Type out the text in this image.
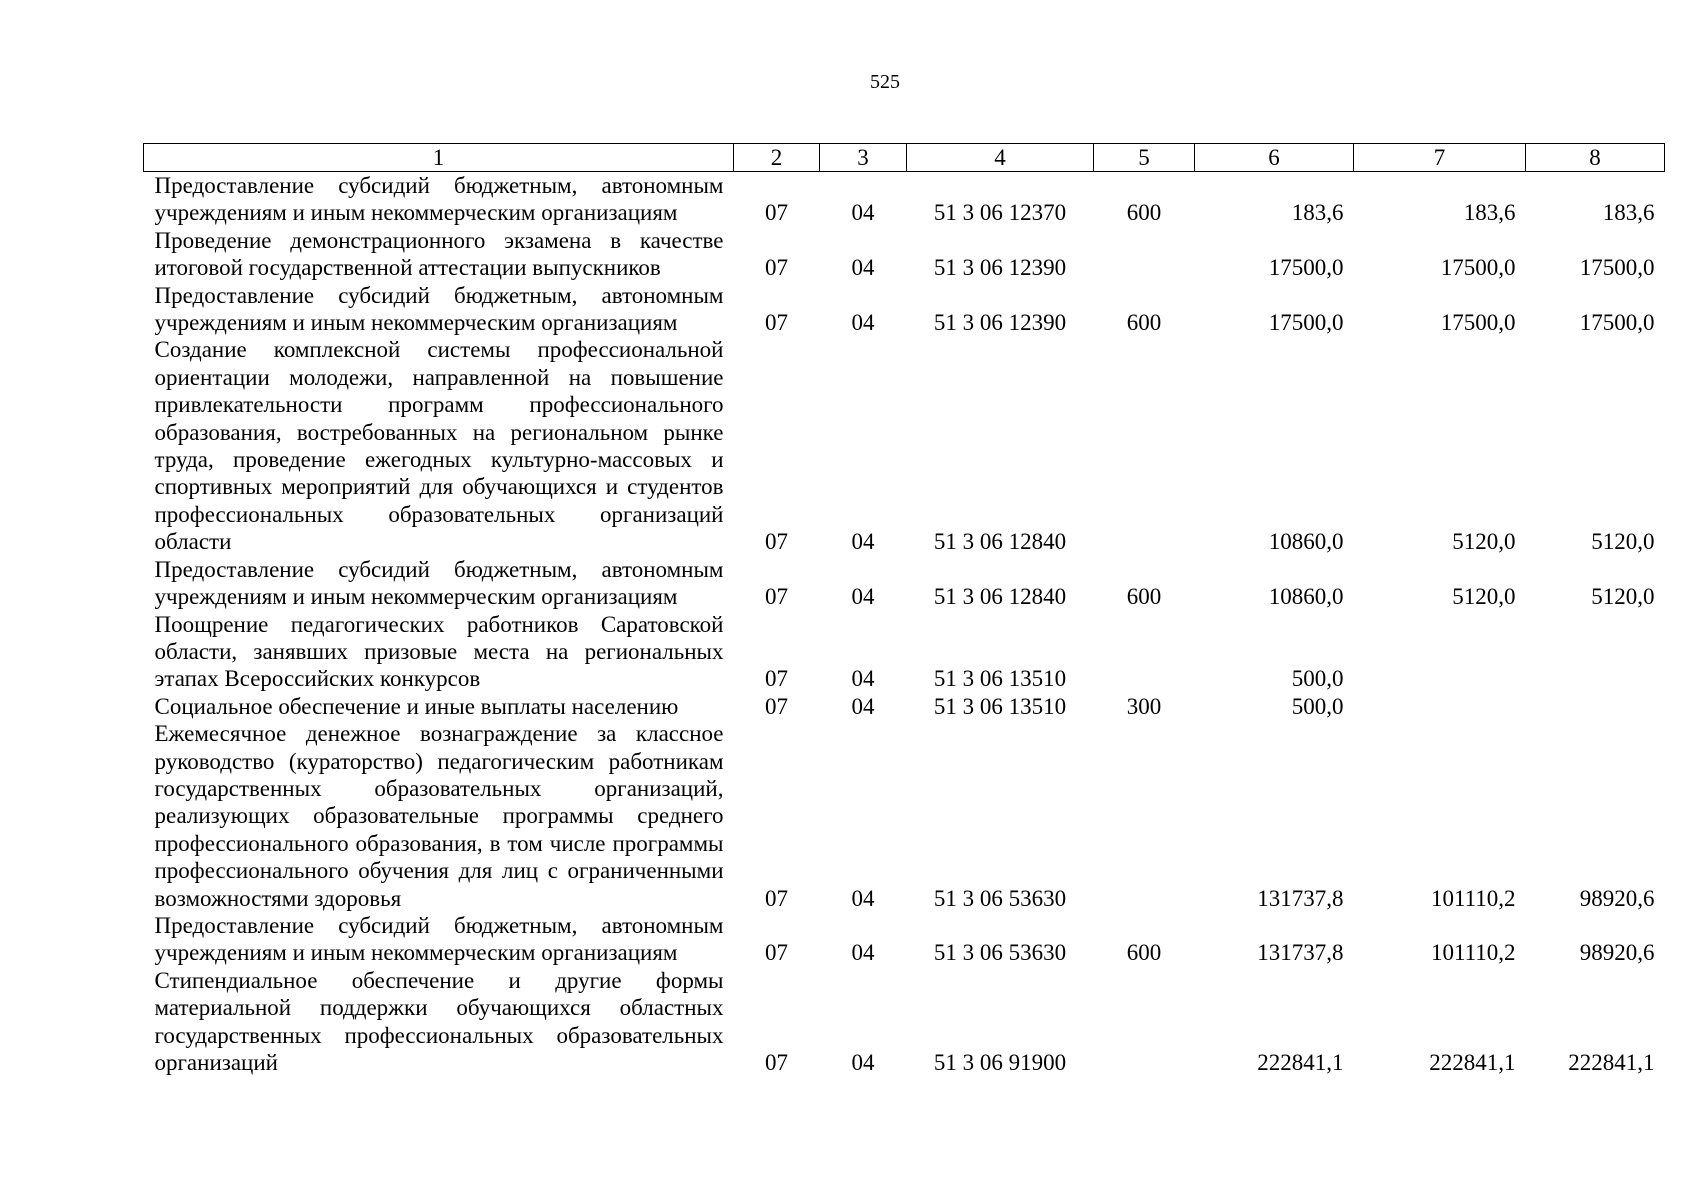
525
1	2	3	4	5	6	7	8
Предоставление субсидий бюджетным, автономным учреждениям и иным некоммерческим организациям	07	04	51 3 06 12370	600	183,6	183,6	183,6
Проведение демонстрационного экзамена в качестве итоговой государственной аттестации выпускников	07	04	51 3 06 12390		17500,0	17500,0	17500,0
Предоставление субсидий бюджетным, автономным учреждениям и иным некоммерческим организациям	07	04	51 3 06 12390	600	17500,0	17500,0	17500,0
Создание комплексной системы профессиональной ориентации молодежи, направленной на повышение привлекательности программ профессионального образования, востребованных на региональном рынке труда, проведение ежегодных культурно-массовых и спортивных мероприятий для обучающихся и студентов профессиональных образовательных организаций области	07	04	51 3 06 12840		10860,0	5120,0	5120,0
Предоставление субсидий бюджетным, автономным учреждениям и иным некоммерческим организациям	07	04	51 3 06 12840	600	10860,0	5120,0	5120,0
Поощрение педагогических работников Саратовской области, занявших призовые места на региональных этапах Всероссийских конкурсов	07	04	51 3 06 13510		500,0		
Социальное обеспечение и иные выплаты населению	07	04	51 3 06 13510	300	500,0		
Ежемесячное денежное вознаграждение за классное руководство (кураторство) педагогическим работникам государственных образовательных организаций, реализующих образовательные программы среднего профессионального образования, в том числе программы профессионального обучения для лиц с ограниченными возможностями здоровья	07	04	51 3 06 53630		131737,8	101110,2	98920,6
Предоставление субсидий бюджетным, автономным учреждениям и иным некоммерческим организациям	07	04	51 3 06 53630	600	131737,8	101110,2	98920,6
Стипендиальное обеспечение и другие формы материальной поддержки обучающихся областных государственных профессиональных образовательных организаций	07	04	51 3 06 91900		222841,1	222841,1	222841,1
